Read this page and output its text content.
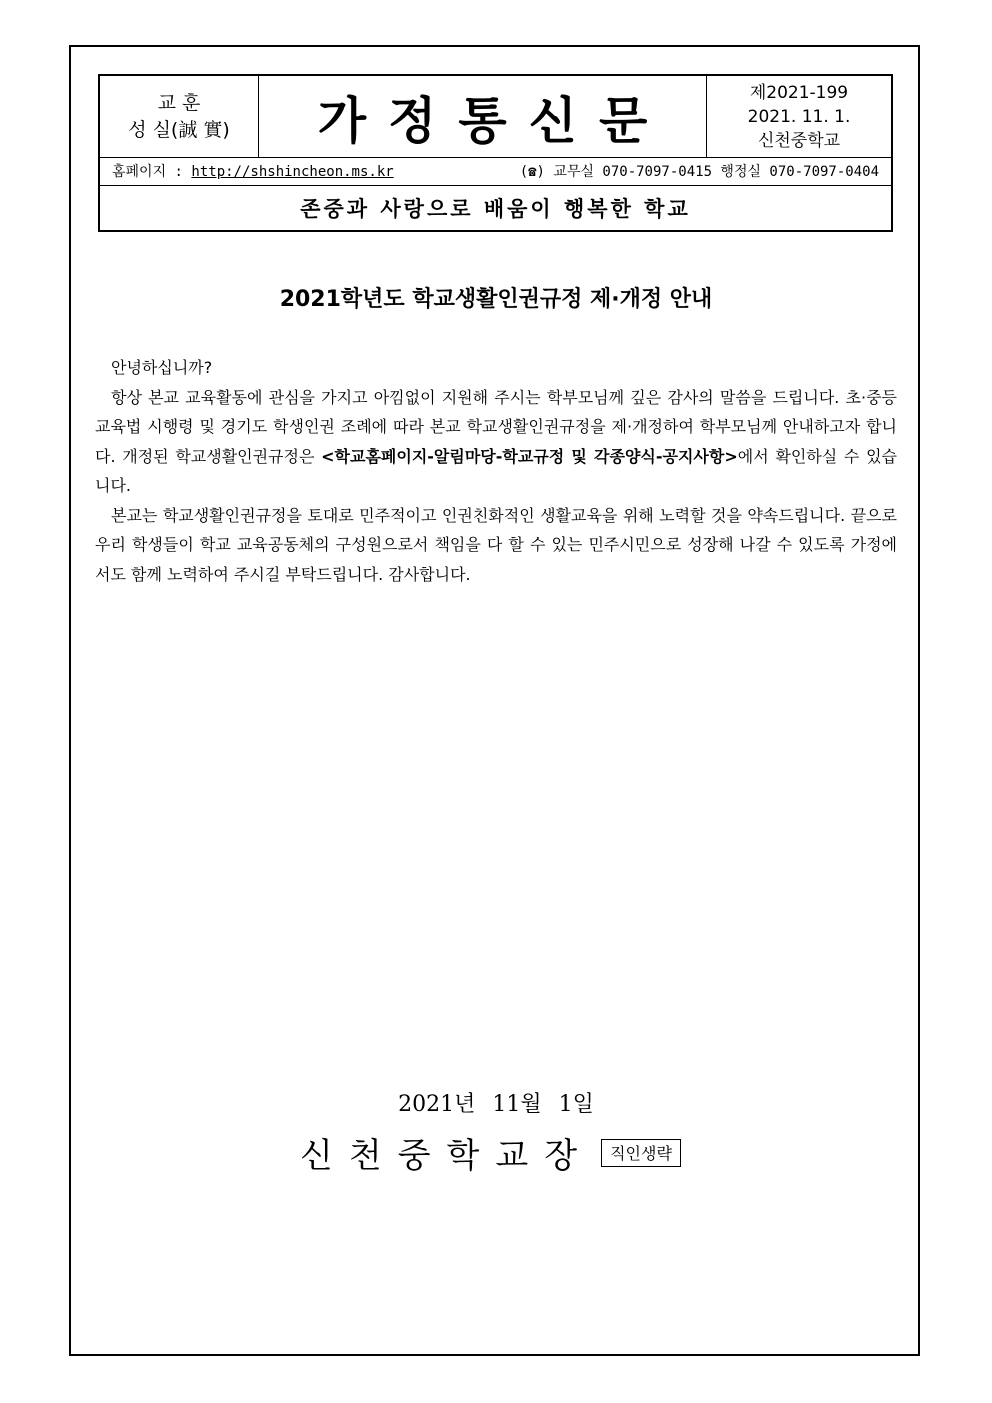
교 훈
성 실(誠 實)	가정통신문	제2021-199
2021. 11. 1.
신천중학교
홈페이지 : http://shshincheon.ms.kr	(☎) 교무실 070-7097-0415 행정실 070-7097-0404
존중과 사랑으로 배움이 행복한 학교
2021학년도 학교생활인권규정 제·개정 안내

안녕하십니까?

항상 본교 교육활동에 관심을 가지고 아낌없이 지원해 주시는 학부모님께 깊은 감사의 말씀을 드립니다. 초·중등 교육법 시행령 및 경기도 학생인권 조례에 따라 본교 학교생활인권규정을 제·개정하여 학부모님께 안내하고자 합니다. 개정된 학교생활인권규정은 <학교홈페이지-알림마당-학교규정 및 각종양식-공지사항>에서 확인하실 수 있습니다.

본교는 학교생활인권규정을 토대로 민주적이고 인권친화적인 생활교육을 위해 노력할 것을 약속드립니다. 끝으로 우리 학생들이 학교 교육공동체의 구성원으로서 책임을 다 할 수 있는 민주시민으로 성장해 나갈 수 있도록 가정에서도 함께 노력하여 주시길 부탁드립니다. 감사합니다.

2021년 11월 1일
신천중학교장	직인생략
